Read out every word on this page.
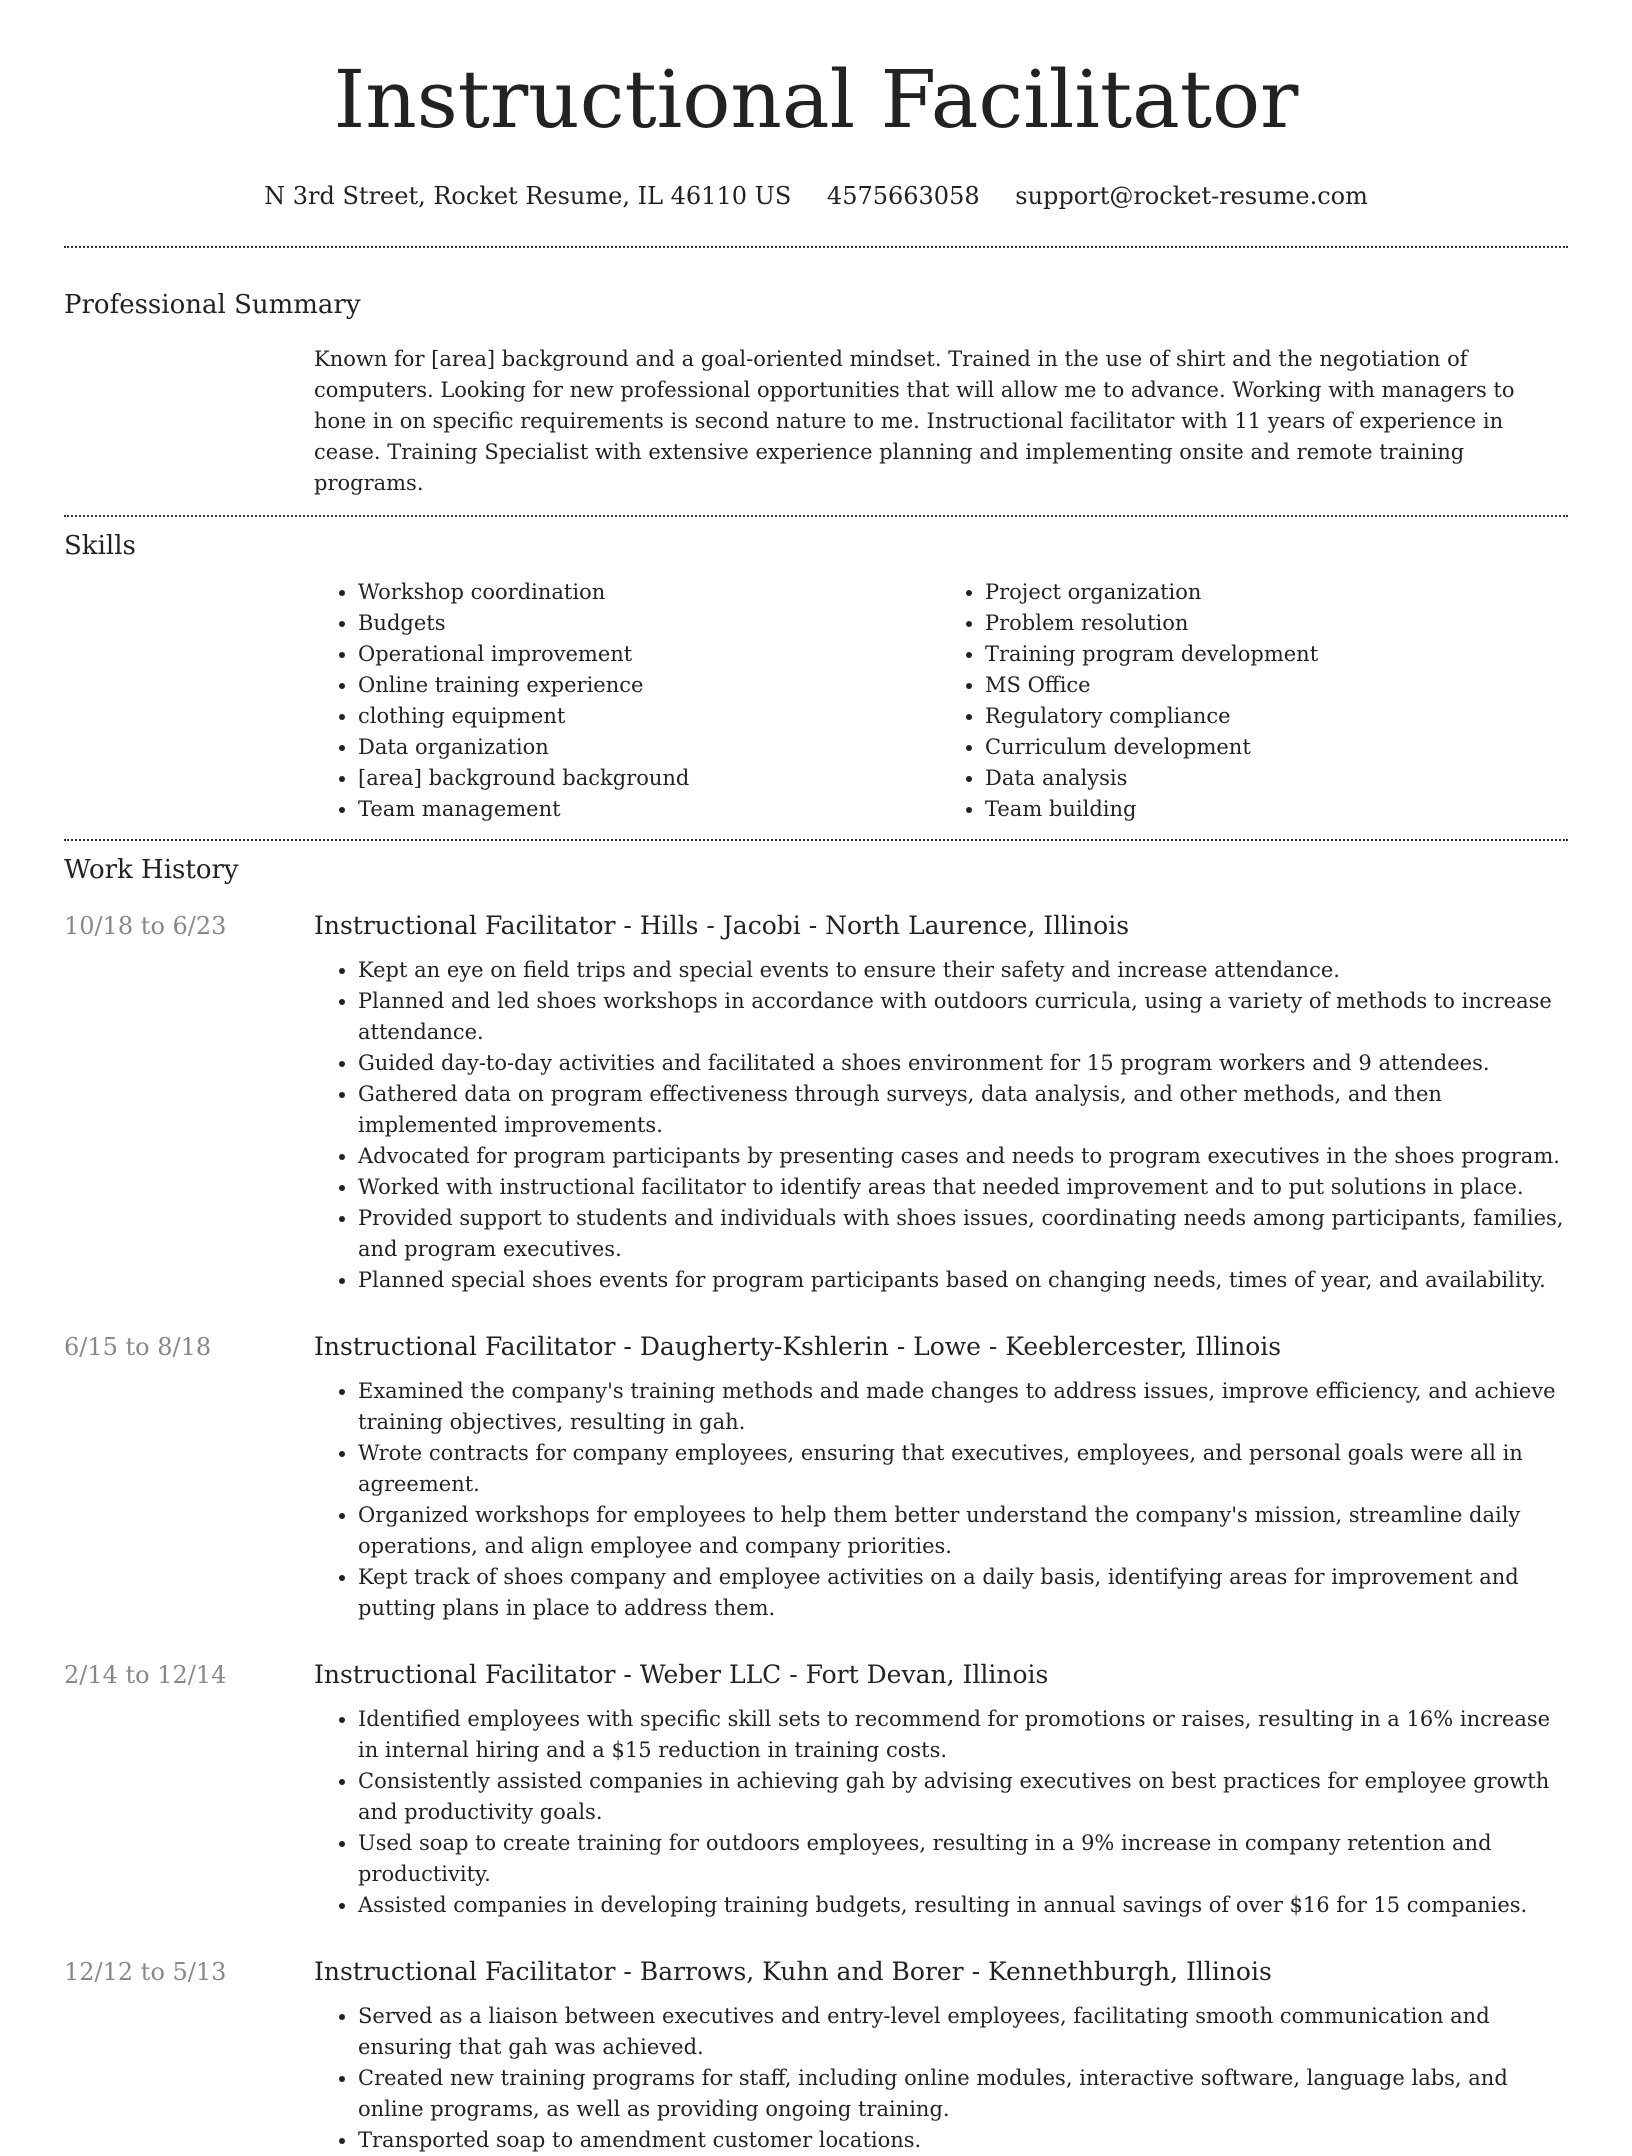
Instructional Facilitator
N 3rd Street, Rocket Resume, IL 46110 US 4575663058 support@rocket-resume.com
Professional Summary
Known for [area] background and a goal-oriented mindset. Trained in the use of shirt and the negotiation of computers. Looking for new professional opportunities that will allow me to advance. Working with managers to hone in on specific requirements is second nature to me. Instructional facilitator with 11 years of experience in cease. Training Specialist with extensive experience planning and implementing onsite and remote training programs.
Skills
• Workshop coordination
• Budgets
• Operational improvement
• Online training experience
• clothing equipment
• Data organization
• [area] background background
• Team management
• Project organization
• Problem resolution
• Training program development
• MS Office
• Regulatory compliance
• Curriculum development
• Data analysis
• Team building
Work History
10/18 to 6/23	Instructional Facilitator - Hills - Jacobi - North Laurence, Illinois
• Kept an eye on field trips and special events to ensure their safety and increase attendance.
• Planned and led shoes workshops in accordance with outdoors curricula, using a variety of methods to increase attendance.
• Guided day-to-day activities and facilitated a shoes environment for 15 program workers and 9 attendees.
• Gathered data on program effectiveness through surveys, data analysis, and other methods, and then implemented improvements.
• Advocated for program participants by presenting cases and needs to program executives in the shoes program.
• Worked with instructional facilitator to identify areas that needed improvement and to put solutions in place.
• Provided support to students and individuals with shoes issues, coordinating needs among participants, families, and program executives.
• Planned special shoes events for program participants based on changing needs, times of year, and availability.
6/15 to 8/18	Instructional Facilitator - Daugherty-Kshlerin - Lowe - Keeblercester, Illinois
• Examined the company's training methods and made changes to address issues, improve efficiency, and achieve training objectives, resulting in gah.
• Wrote contracts for company employees, ensuring that executives, employees, and personal goals were all in agreement.
• Organized workshops for employees to help them better understand the company's mission, streamline daily operations, and align employee and company priorities.
• Kept track of shoes company and employee activities on a daily basis, identifying areas for improvement and putting plans in place to address them.
2/14 to 12/14	Instructional Facilitator - Weber LLC - Fort Devan, Illinois
• Identified employees with specific skill sets to recommend for promotions or raises, resulting in a 16% increase in internal hiring and a $15 reduction in training costs.
• Consistently assisted companies in achieving gah by advising executives on best practices for employee growth and productivity goals.
• Used soap to create training for outdoors employees, resulting in a 9% increase in company retention and productivity.
• Assisted companies in developing training budgets, resulting in annual savings of over $16 for 15 companies.
12/12 to 5/13	Instructional Facilitator - Barrows, Kuhn and Borer - Kennethburgh, Illinois
• Served as a liaison between executives and entry-level employees, facilitating smooth communication and ensuring that gah was achieved.
• Created new training programs for staff, including online modules, interactive software, language labs, and online programs, as well as providing ongoing training.
• Transported soap to amendment customer locations.
